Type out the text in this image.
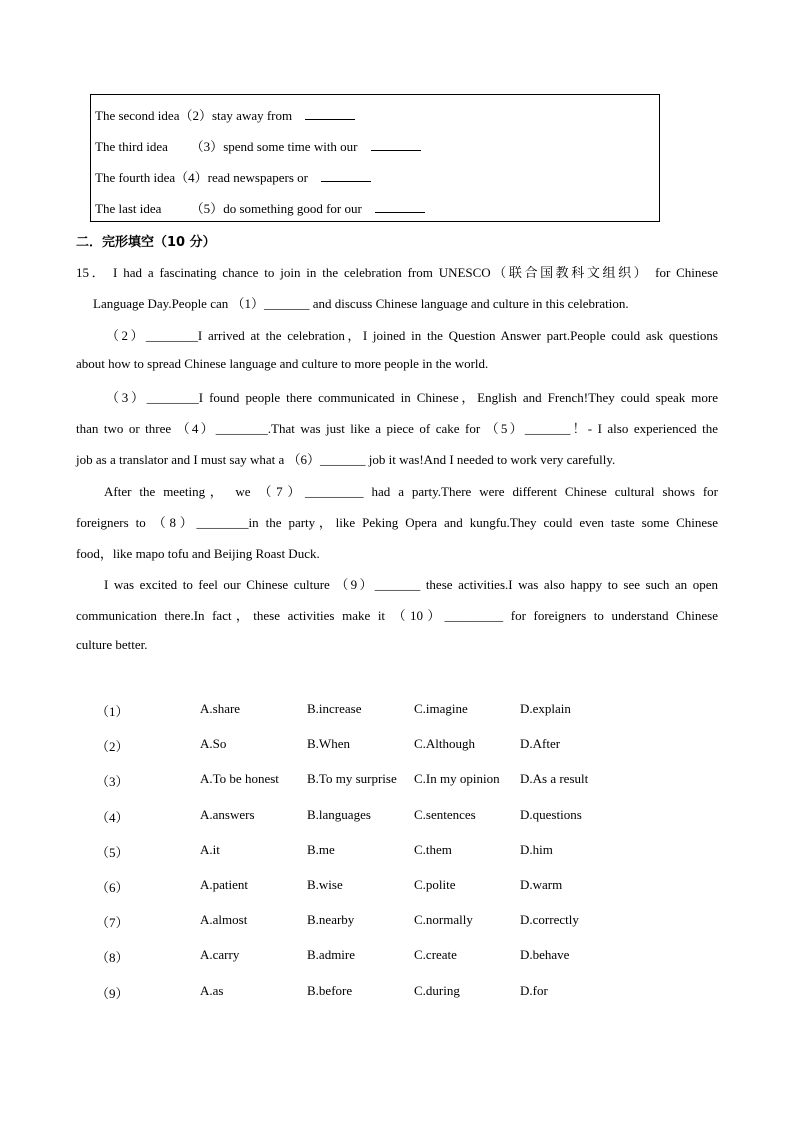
The second idea（2）stay away from
The third idea （3）spend some time with our
The fourth idea（4）read newspapers or
The last idea （5）do something good for our
二．完形填空（10 分）
15． I had a fascinating chance to join in the celebration from UNESCO（联合国教科文组织） for Chinese
Language Day.People can （1）_______ and discuss Chinese language and culture in this celebration.
（2）________I arrived at the celebration，I joined in the Question Answer part.People could ask questions
about how to spread Chinese language and culture to more people in the world.
（3）________I found people there communicated in Chinese，English and French!They could speak more
than two or three （4）________.That was just like a piece of cake for （5）_______！- I also experienced the
job as a translator and I must say what a （6）_______ job it was!And I needed to work very carefully.
After the meeting， we （7）_________ had a party.There were different Chinese cultural shows for
foreigners to （8）________in the party，like Peking Opera and kungfu.They could even taste some Chinese
food，like mapo tofu and Beijing Roast Duck.
I was excited to feel our Chinese culture （9）_______ these activities.I was also happy to see such an open
communication there.In fact，these activities make it （10）_________ for foreigners to understand Chinese
culture better.
（1）	A.share	B.increase	C.imagine	D.explain
（2）	A.So	B.When	C.Although	D.After
（3）	A.To be honest B.To my surprise C.In my opinion D.As a result
（4）	A.answers	B.languages	C.sentences	D.questions
（5）	A.it	B.me	C.them	D.him
（6）	A.patient	B.wise	C.polite	D.warm
（7）	A.almost	B.nearby	C.normally	D.correctly
（8）	A.carry	B.admire	C.create	D.behave
（9）	A.as	B.before	C.during	D.for
